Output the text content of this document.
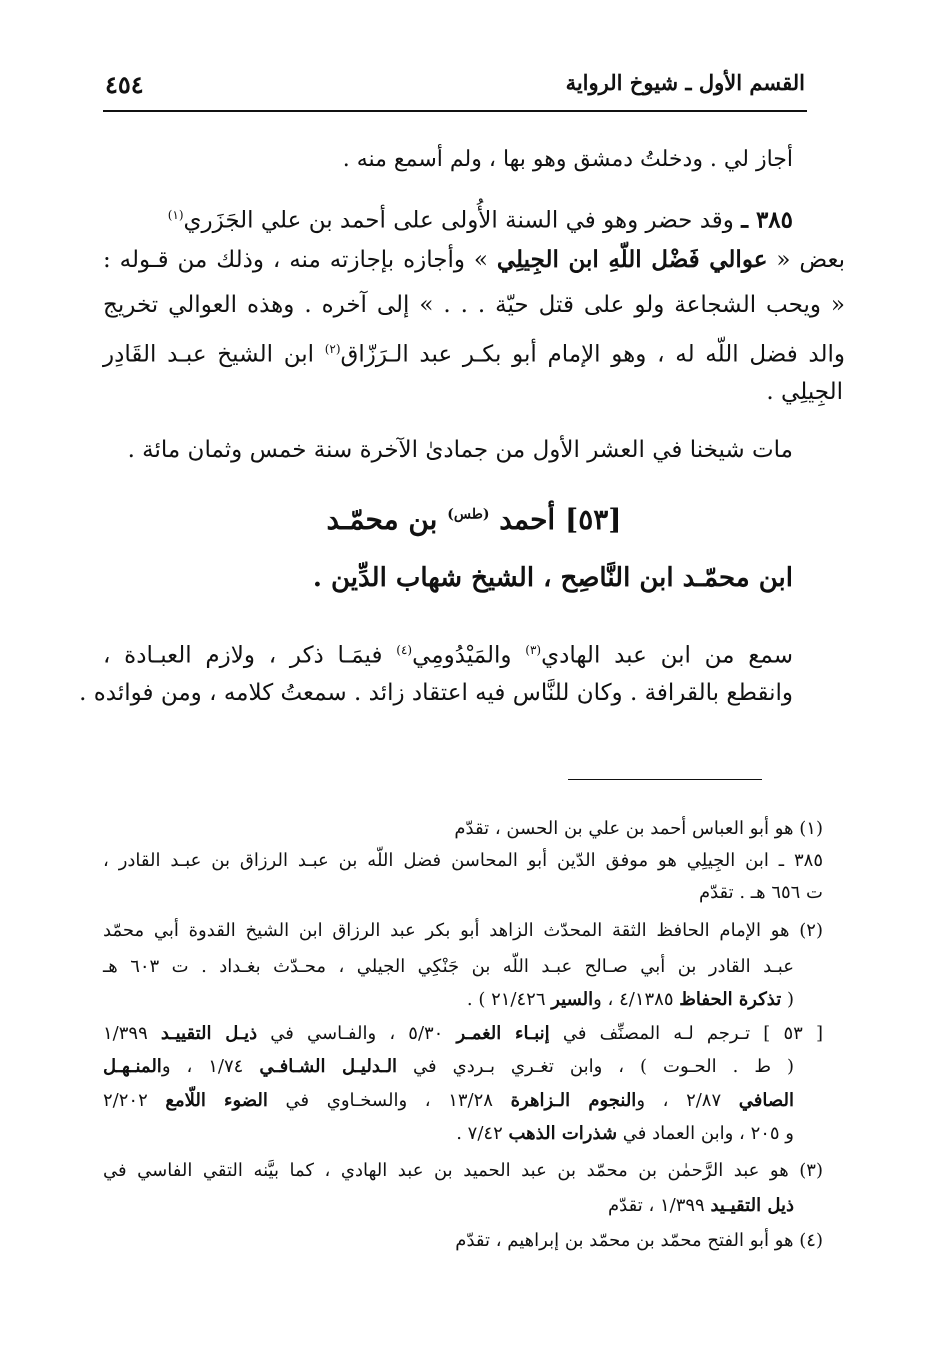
القسم الأول ـ شيوخ الرواية
٤٥٤
أجاز لي . ودخلتُ دمشق وهو بها ، ولم أسمع منه .
٣٨٥ ـ وقد حضر وهو في السنة الأُولى على أحمد بن علي الجَزَري$^{(١)}$
بعض « عوالي فَضْل اللّهِ ابن الجِيلِي » وأجازه بإجازته منه ، وذلك من قـوله :
« ويحب الشجاعة ولو على قتل حيّة . . . » إلى آخره . وهذه العوالي تخريج
والد فضل اللّه له ، وهو الإمام أبو بكـر عبد الـرَزّاق$^{(٢)}$ ابن الشيخ عبـد القَادِر
الجِيلِي .
مات شيخنا في العشر الأول من جمادىٰ الآخرة سنة خمس وثمان مائة .
[٥٣] أحمد $^{(طس)}$ بن محمّـد
ابن محمّـد ابن النَّاصِح ، الشيخ شهاب الدِّين .
سمع من ابن عبد الهادي$^{(٣)}$ والمَيْدُومِي$^{(٤)}$ فيمَـا ذكر ، ولازم العبـادة ،
وانقطع بالقرافة . وكان للنَّاس فيه اعتقاد زائد . سمعتُ كلامه ، ومن فوائده .
(١) هو أبو العباس أحمد بن علي بن الحسن ، تقدّم
٣٨٥ ـ ابن الجِيلِي هو موفق الدّين أبو المحاسن فضل اللّه بن عبـد الرزاق بن عبـد القادر ،
ت ٦٥٦ هـ . تقدّم
(٢) هو الإمام الحافظ الثقة المحدّث الزاهد أبو بكر عبد الرزاق ابن الشيخ القدوة أبي محمّد
عبـد القادر بن أبي صـالح عبـد اللّه بن جَنْكِي الجيلي ، محـدّث بغـداد . ت ٦٠٣ هـ
( تذكرة الحفاظ ٤/١٣٨٥ ، والسير ٢١/٤٢٦ ) .
[ ٥٣ ] تـرجم لـه المصنِّف في إنبـاء الغمـر ٥/٣٠ ، والفـاسي في ذيـل التقييـد ١/٣٩٩
( ط . الحـوت ) ، وابن تغـري بـردي في الـدليـل الشـافـي ١/٧٤ ، والمنـهـل
الصافي ٢/٨٧ ، والنجوم الـزاهرة ١٣/٢٨ ، والسخـاوي في الضوء اللّامع ٢/٢٠٢
و ٢٠٥ ، وابن العماد في شذرات الذهب ٧/٤٢ .
(٣) هو عبد الرَّحمٰن بن محمّد بن عبد الحميد بن عبد الهادي ، كما بيَّنه التقي الفاسي في
ذيل التقيـيد ١/٣٩٩ ، تقدّم
(٤) هو أبو الفتح محمّد بن محمّد بن إبراهيم ، تقدّم
